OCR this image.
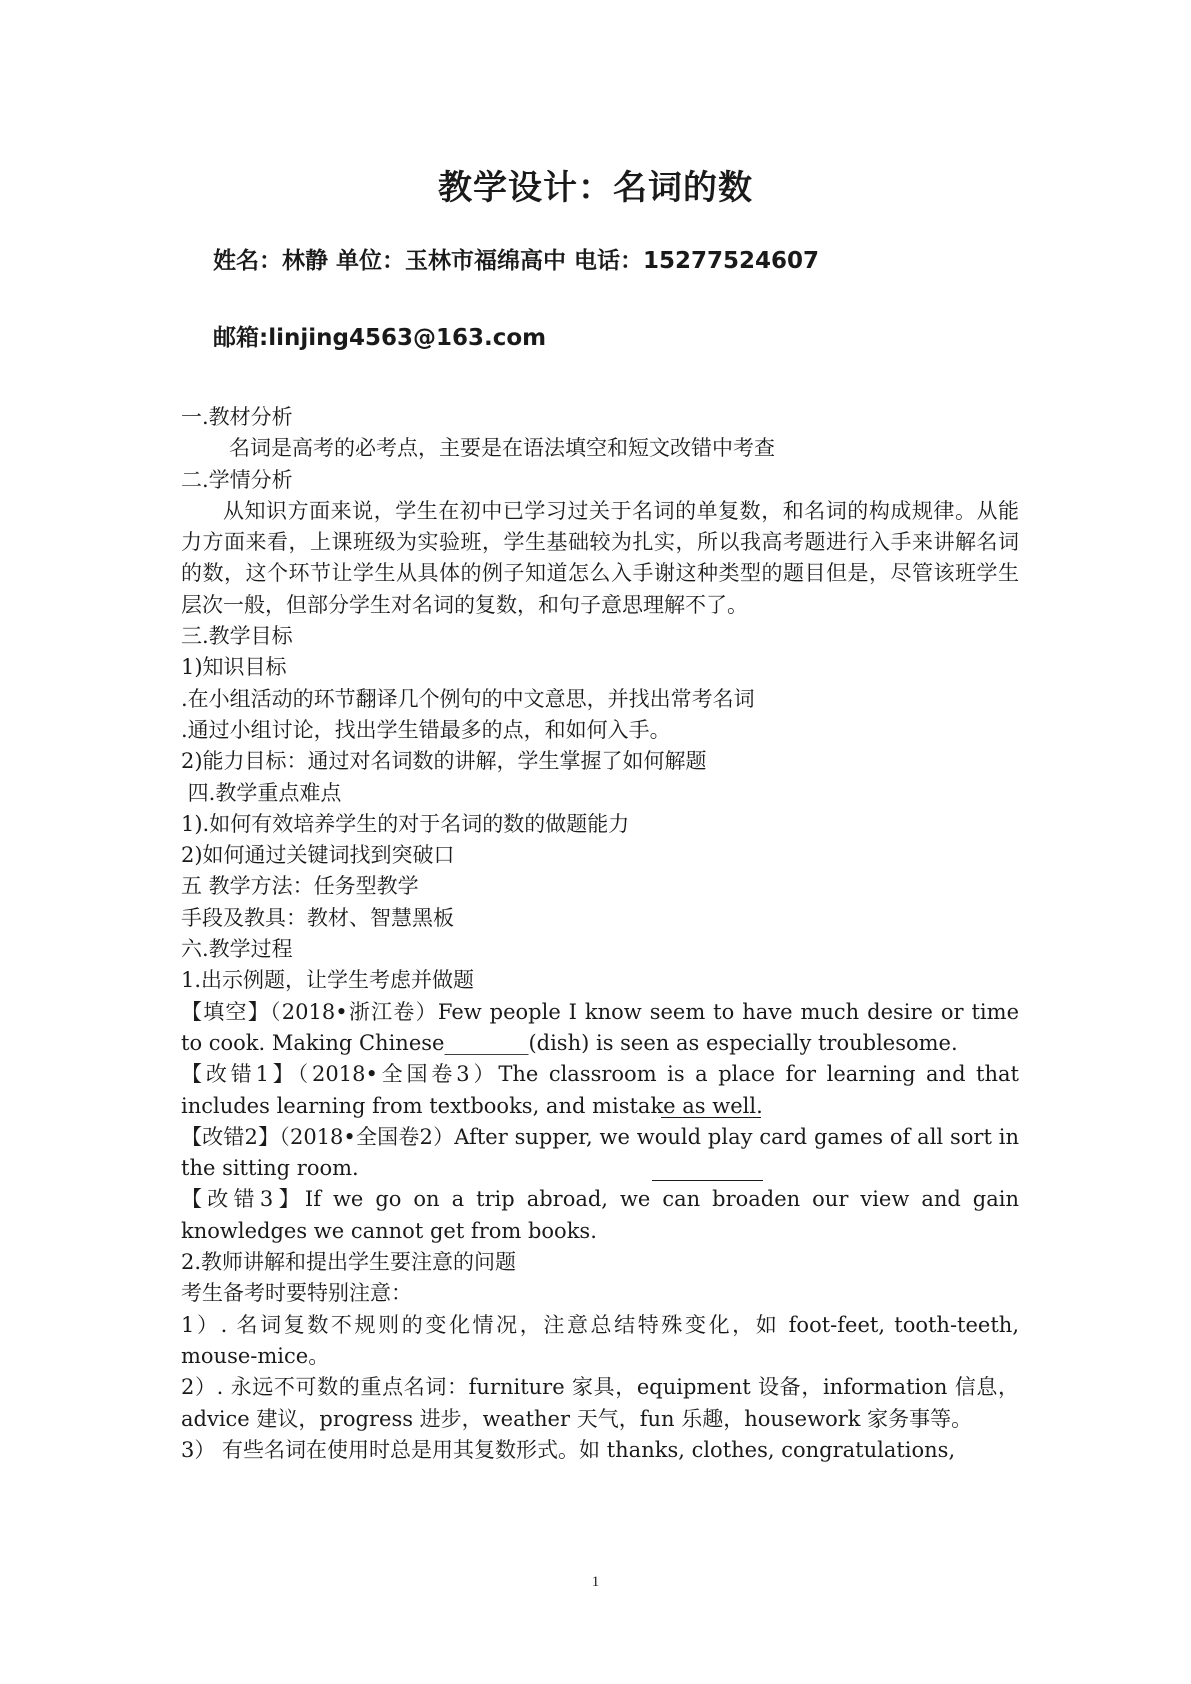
教学设计：名词的数
姓名：林静 单位：玉林市福绵高中 电话：15277524607
邮箱:linjing4563@163.com

一.教材分析

名词是高考的必考点，主要是在语法填空和短文改错中考查

二.学情分析

从知识方面来说，学生在初中已学习过关于名词的单复数，和名词的构成规律。从能力方面来看，上课班级为实验班，学生基础较为扎实，所以我高考题进行入手来讲解名词的数，这个环节让学生从具体的例子知道怎么入手谢这种类型的题目但是，尽管该班学生层次一般，但部分学生对名词的复数，和句子意思理解不了。

三.教学目标

1)知识目标

.在小组活动的环节翻译几个例句的中文意思，并找出常考名词

.通过小组讨论，找出学生错最多的点，和如何入手。

2)能力目标：通过对名词数的讲解，学生掌握了如何解题

四.教学重点难点

1).如何有效培养学生的对于名词的数的做题能力

2)如何通过关键词找到突破口

五 教学方法：任务型教学

手段及教具：教材、智慧黑板

六.教学过程

1.出示例题，让学生考虑并做题

【填空】（2018•浙江卷）Few people I know seem to have much desire or time to cook. Making Chinese________(dish) is seen as especially troublesome.

【改错1】（2018•全国卷3）The classroom is a place for learning and that includes learning from textbooks, and mistake as well.

【改错2】（2018•全国卷2）After supper, we would play card games of all sort in the sitting room.

【改错3】If we go on a trip abroad, we can broaden our view and gain knowledges we cannot get from books.

2.教师讲解和提出学生要注意的问题

考生备考时要特别注意：

1）. 名词复数不规则的变化情况，注意总结特殊变化，如 foot-feet, tooth-teeth, mouse-mice。

2）. 永远不可数的重点名词：furniture 家具，equipment 设备，information 信息，advice 建议，progress 进步，weather 天气，fun 乐趣，housework 家务事等。

3） 有些名词在使用时总是用其复数形式。如 thanks, clothes, congratulations,

1
